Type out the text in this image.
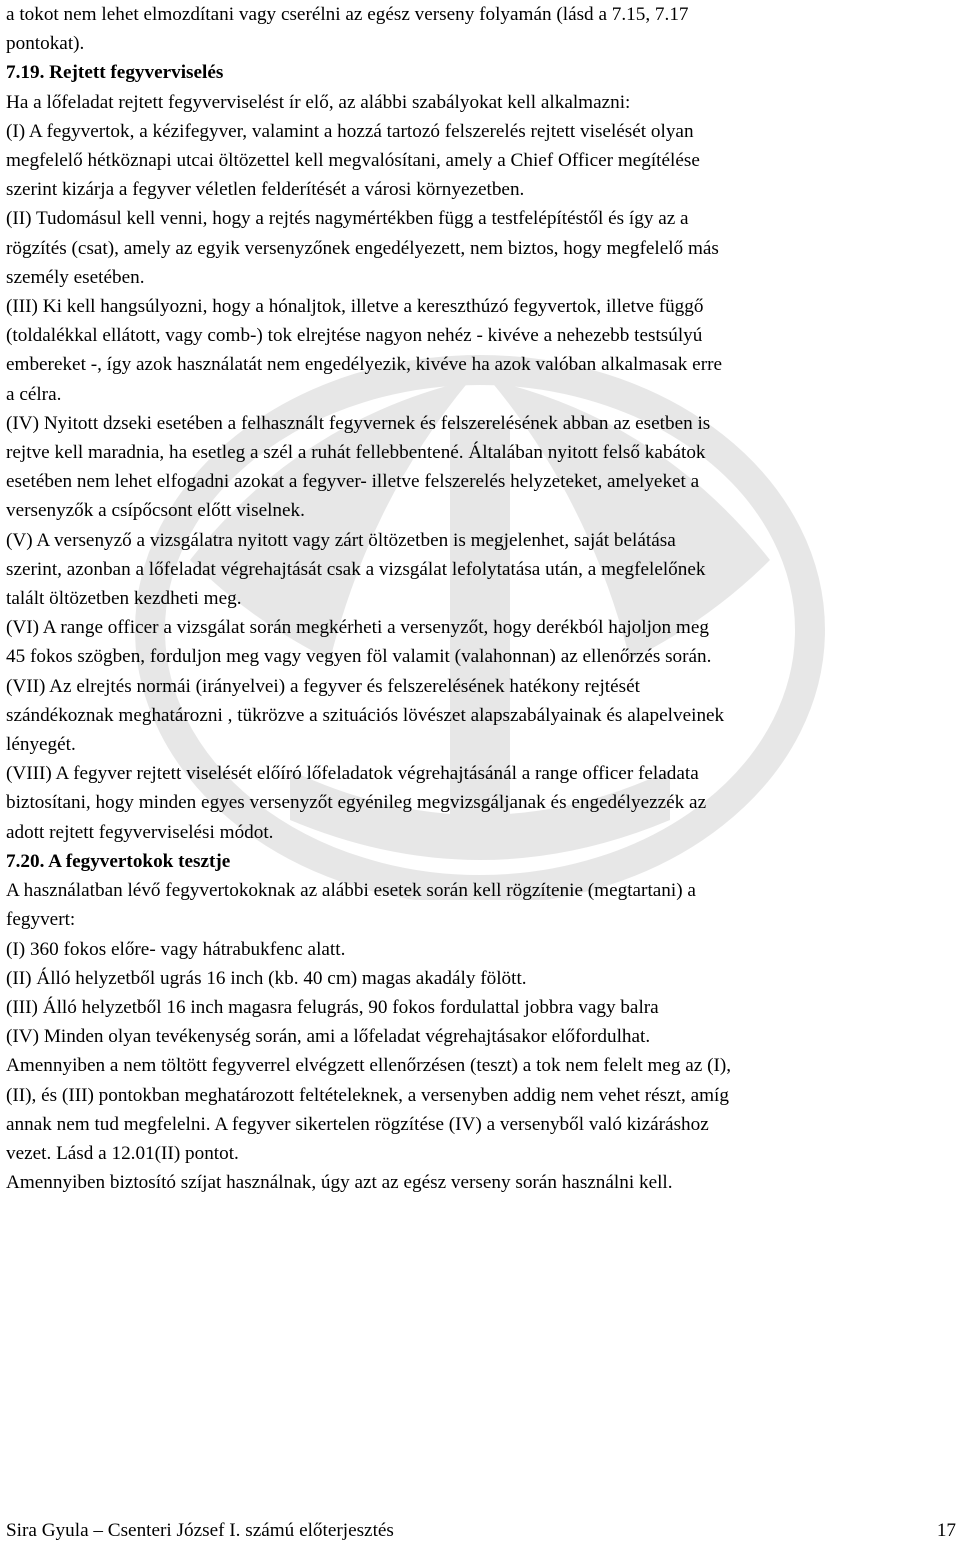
a tokot nem lehet elmozdítani vagy cserélni az egész verseny folyamán (lásd a 7.15, 7.17

pontokat).

7.19. Rejtett fegyverviselés

Ha a lőfeladat rejtett fegyverviselést ír elő, az alábbi szabályokat kell alkalmazni:

(I) A fegyvertok, a kézifegyver, valamint a hozzá tartozó felszerelés rejtett viselését olyan

megfelelő hétköznapi utcai öltözettel kell megvalósítani, amely a Chief Officer megítélése

szerint kizárja a fegyver véletlen felderítését a városi környezetben.

(II) Tudomásul kell venni, hogy a rejtés nagymértékben függ a testfelépítéstől és így az a

rögzítés (csat), amely az egyik versenyzőnek engedélyezett, nem biztos, hogy megfelelő más

személy esetében.

(III) Ki kell hangsúlyozni, hogy a hónaljtok, illetve a kereszthúzó fegyvertok, illetve függő

(toldalékkal ellátott, vagy comb-) tok elrejtése nagyon nehéz - kivéve a nehezebb testsúlyú

embereket -, így azok használatát nem engedélyezik, kivéve ha azok valóban alkalmasak erre

a célra.

(IV) Nyitott dzseki esetében a felhasznált fegyvernek és felszerelésének abban az esetben is

rejtve kell maradnia, ha esetleg a szél a ruhát fellebbentené. Általában nyitott felső kabátok

esetében nem lehet elfogadni azokat a fegyver- illetve felszerelés helyzeteket, amelyeket a

versenyzők a csípőcsont előtt viselnek.

(V) A versenyző a vizsgálatra nyitott vagy zárt öltözetben is megjelenhet, saját belátása

szerint, azonban a lőfeladat végrehajtását csak a vizsgálat lefolytatása után, a megfelelőnek

talált öltözetben kezdheti meg.

(VI) A range officer a vizsgálat során megkérheti a versenyzőt, hogy derékból hajoljon meg

45 fokos szögben, forduljon meg vagy vegyen föl valamit (valahonnan) az ellenőrzés során.

(VII) Az elrejtés normái (irányelvei) a fegyver és felszerelésének hatékony rejtését

szándékoznak meghatározni , tükrözve a szituációs lövészet alapszabályainak és alapelveinek

lényegét.

(VIII) A fegyver rejtett viselését előíró lőfeladatok végrehajtásánál a range officer feladata

biztosítani, hogy minden egyes versenyzőt egyénileg megvizsgáljanak és engedélyezzék az

adott rejtett fegyverviselési módot.

7.20. A fegyvertokok tesztje

A használatban lévő fegyvertokoknak az alábbi esetek során kell rögzítenie (megtartani) a

fegyvert:

(I) 360 fokos előre- vagy hátrabukfenc alatt.

(II) Álló helyzetből ugrás 16 inch (kb. 40 cm) magas akadály fölött.

(III) Álló helyzetből 16 inch magasra felugrás, 90 fokos fordulattal jobbra vagy balra

(IV) Minden olyan tevékenység során, ami a lőfeladat végrehajtásakor előfordulhat.

Amennyiben a nem töltött fegyverrel elvégzett ellenőrzésen (teszt) a tok nem felelt meg az (I),

(II), és (III) pontokban meghatározott feltételeknek, a versenyben addig nem vehet részt, amíg

annak nem tud megfelelni. A fegyver sikertelen rögzítése (IV) a versenyből való kizáráshoz

vezet. Lásd a 12.01(II) pontot.

Amennyiben biztosító szíjat használnak, úgy azt az egész verseny során használni kell.

Sira Gyula – Csenteri József I. számú előterjesztés	17
